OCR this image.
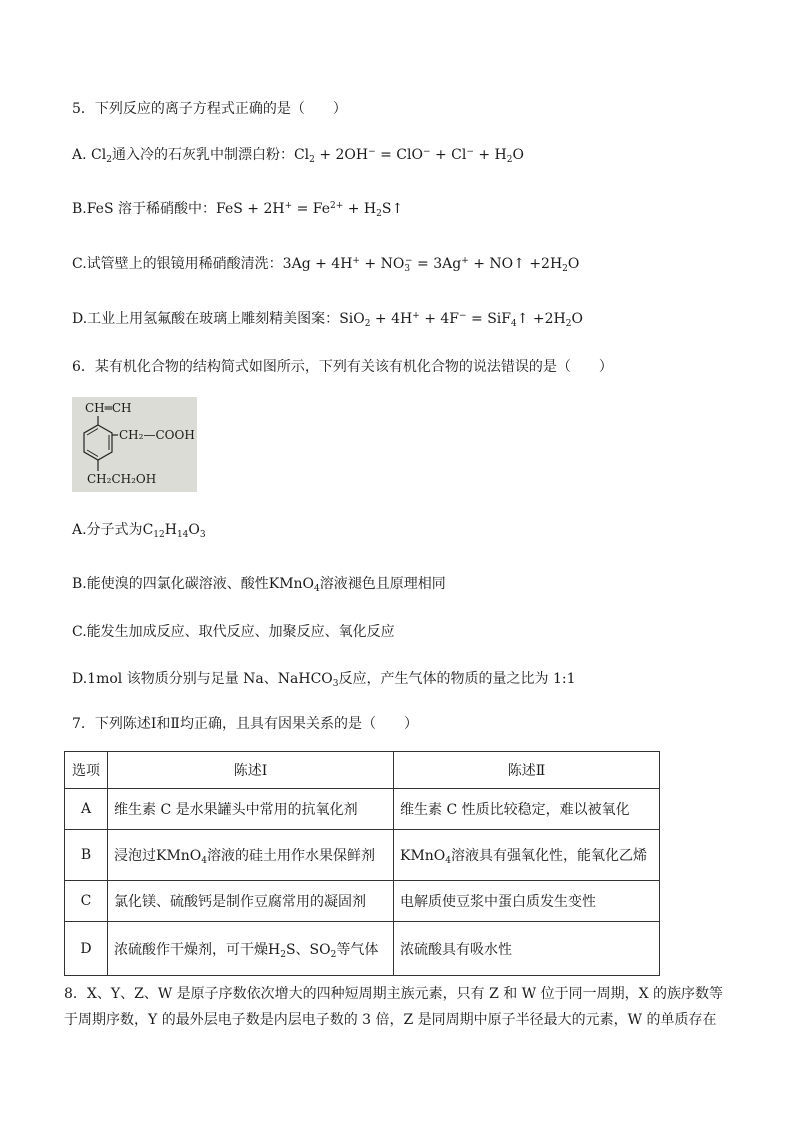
5．下列反应的离子方程式正确的是（　　）
A. $Cl_2$通入冷的石灰乳中制漂白粉：$Cl_2 + 2OH^- = ClO^- + Cl^- + H_2O$
B.FeS 溶于稀硝酸中：FeS + $2H^+ = Fe^{2+}$ + $H_2S↑$
C.试管壁上的银镜用稀硝酸清洗：$3Ag + 4H^+ + NO_3^- = 3Ag^+$ + NO↑ $+2H_2O$
D.工业上用氢氟酸在玻璃上雕刻精美图案：SiO$_2$ + 4H+ + 4F− = SiF$_4$↑ $+2H_2O$
6．某有机化合物的结构简式如图所示，下列有关该有机化合物的说法错误的是（　　）
CH═CH
CH₂—COOH
CH₂CH₂OH
A.分子式为$C_{12}H_{14}O_3$
B.能使溴的四氯化碳溶液、酸性KMnO$_4$溶液褪色且原理相同
C.能发生加成反应、取代反应、加聚反应、氧化反应
D.1mol 该物质分别与足量 Na、NaHCO$_3$反应，产生气体的物质的量之比为 1:1
7．下列陈述Ⅰ和Ⅱ均正确，且具有因果关系的是（　　）
选项	陈述Ⅰ	陈述Ⅱ
A	维生素 C 是水果罐头中常用的抗氧化剂	维生素 C 性质比较稳定，难以被氧化
B	浸泡过KMnO$_4$溶液的硅土用作水果保鲜剂	KMnO$_4$溶液具有强氧化性，能氧化乙烯
C	氯化镁、硫酸钙是制作豆腐常用的凝固剂	电解质使豆浆中蛋白质发生变性
D	浓硫酸作干燥剂，可干燥$H_2S$、$SO_2$等气体	浓硫酸具有吸水性
8．X、Y、Z、W 是原子序数依次增大的四种短周期主族元素，只有 Z 和 W 位于同一周期，X 的族序数等
于周期序数，Y 的最外层电子数是内层电子数的 3 倍，Z 是同周期中原子半径最大的元素，W 的单质存在
